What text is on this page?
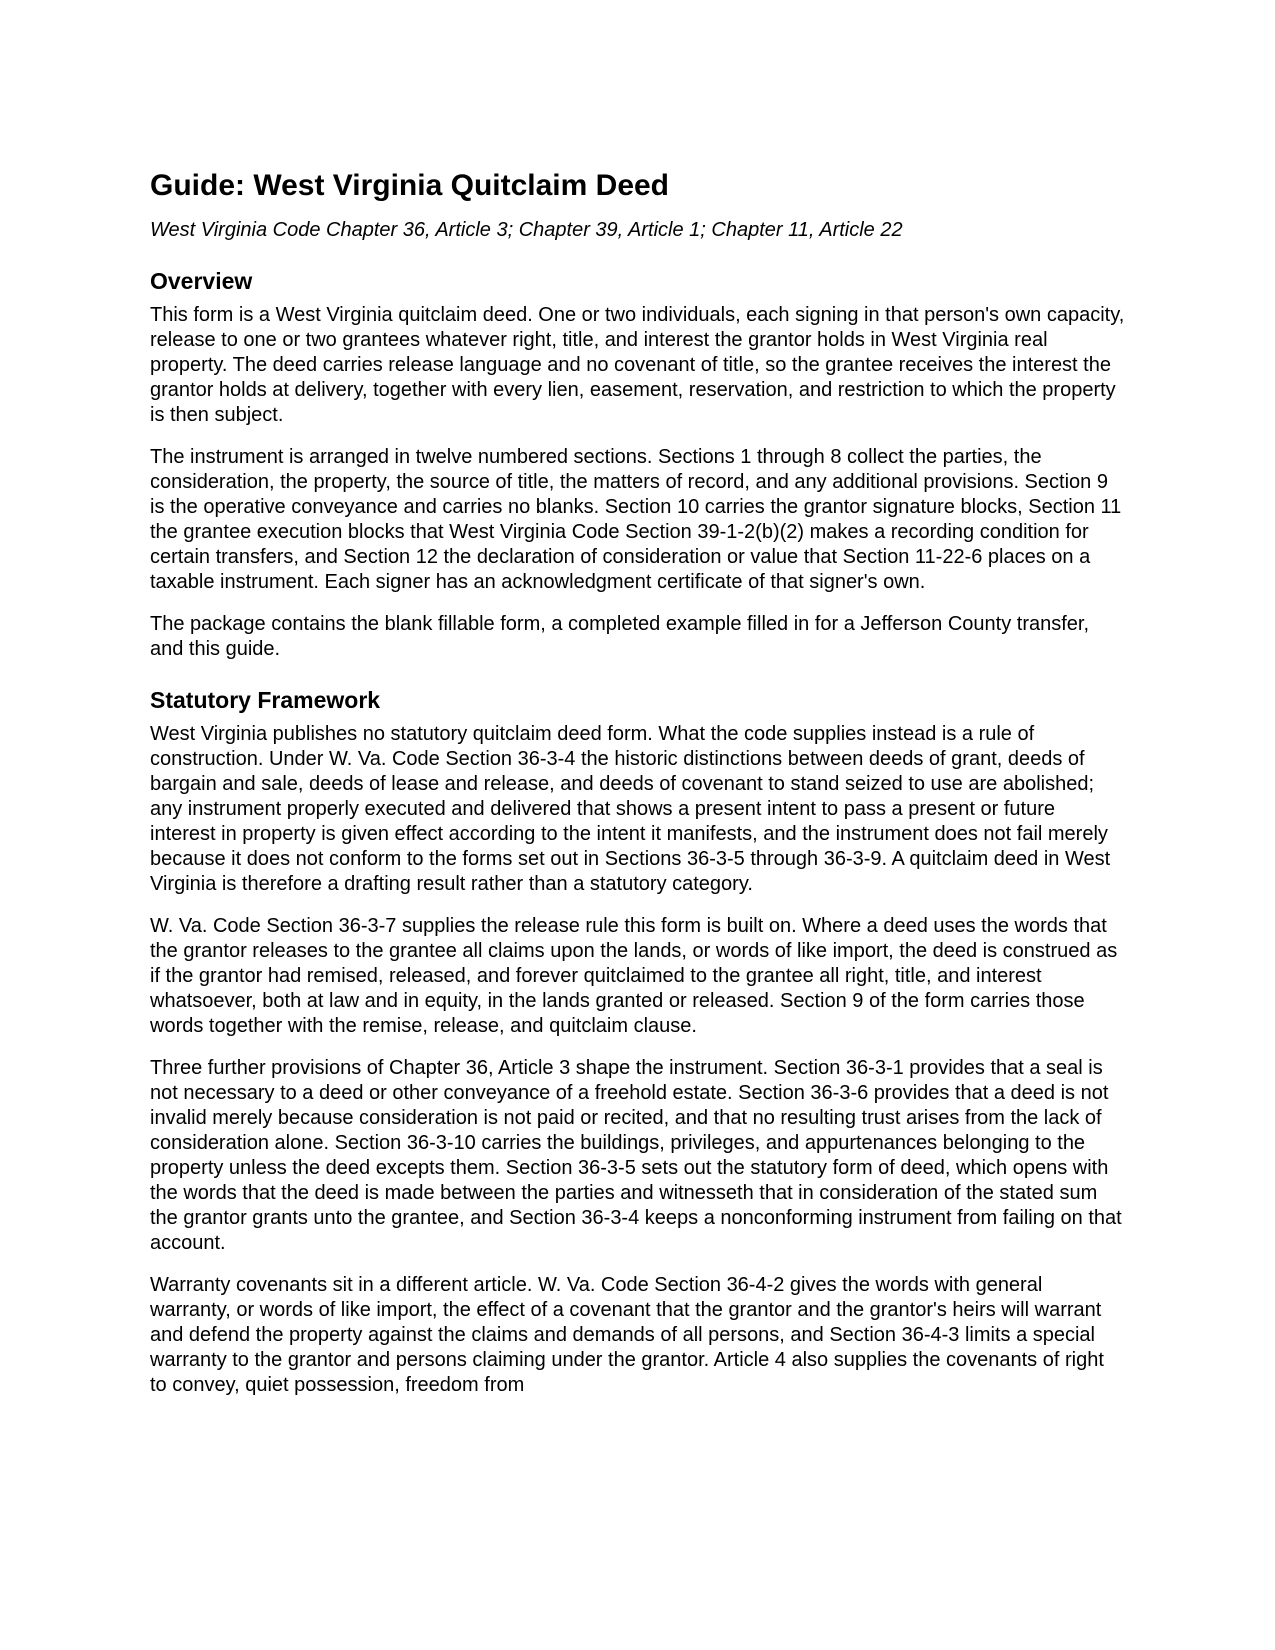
Guide: West Virginia Quitclaim Deed

West Virginia Code Chapter 36, Article 3; Chapter 39, Article 1; Chapter 11, Article 22

Overview

This form is a West Virginia quitclaim deed. One or two individuals, each signing in that person's own capacity, release to one or two grantees whatever right, title, and interest the grantor holds in West Virginia real property. The deed carries release language and no covenant of title, so the grantee receives the interest the grantor holds at delivery, together with every lien, easement, reservation, and restriction to which the property is then subject.

The instrument is arranged in twelve numbered sections. Sections 1 through 8 collect the parties, the consideration, the property, the source of title, the matters of record, and any additional provisions. Section 9 is the operative conveyance and carries no blanks. Section 10 carries the grantor signature blocks, Section 11 the grantee execution blocks that West Virginia Code Section 39-1-2(b)(2) makes a recording condition for certain transfers, and Section 12 the declaration of consideration or value that Section 11-22-6 places on a taxable instrument. Each signer has an acknowledgment certificate of that signer's own.

The package contains the blank fillable form, a completed example filled in for a Jefferson County transfer, and this guide.

Statutory Framework

West Virginia publishes no statutory quitclaim deed form. What the code supplies instead is a rule of construction. Under W. Va. Code Section 36-3-4 the historic distinctions between deeds of grant, deeds of bargain and sale, deeds of lease and release, and deeds of covenant to stand seized to use are abolished; any instrument properly executed and delivered that shows a present intent to pass a present or future interest in property is given effect according to the intent it manifests, and the instrument does not fail merely because it does not conform to the forms set out in Sections 36-3-5 through 36-3-9. A quitclaim deed in West Virginia is therefore a drafting result rather than a statutory category.

W. Va. Code Section 36-3-7 supplies the release rule this form is built on. Where a deed uses the words that the grantor releases to the grantee all claims upon the lands, or words of like import, the deed is construed as if the grantor had remised, released, and forever quitclaimed to the grantee all right, title, and interest whatsoever, both at law and in equity, in the lands granted or released. Section 9 of the form carries those words together with the remise, release, and quitclaim clause.

Three further provisions of Chapter 36, Article 3 shape the instrument. Section 36-3-1 provides that a seal is not necessary to a deed or other conveyance of a freehold estate. Section 36-3-6 provides that a deed is not invalid merely because consideration is not paid or recited, and that no resulting trust arises from the lack of consideration alone. Section 36-3-10 carries the buildings, privileges, and appurtenances belonging to the property unless the deed excepts them. Section 36-3-5 sets out the statutory form of deed, which opens with the words that the deed is made between the parties and witnesseth that in consideration of the stated sum the grantor grants unto the grantee, and Section 36-3-4 keeps a nonconforming instrument from failing on that account.

Warranty covenants sit in a different article. W. Va. Code Section 36-4-2 gives the words with general warranty, or words of like import, the effect of a covenant that the grantor and the grantor's heirs will warrant and defend the property against the claims and demands of all persons, and Section 36-4-3 limits a special warranty to the grantor and persons claiming under the grantor. Article 4 also supplies the covenants of right to convey, quiet possession, freedom from
